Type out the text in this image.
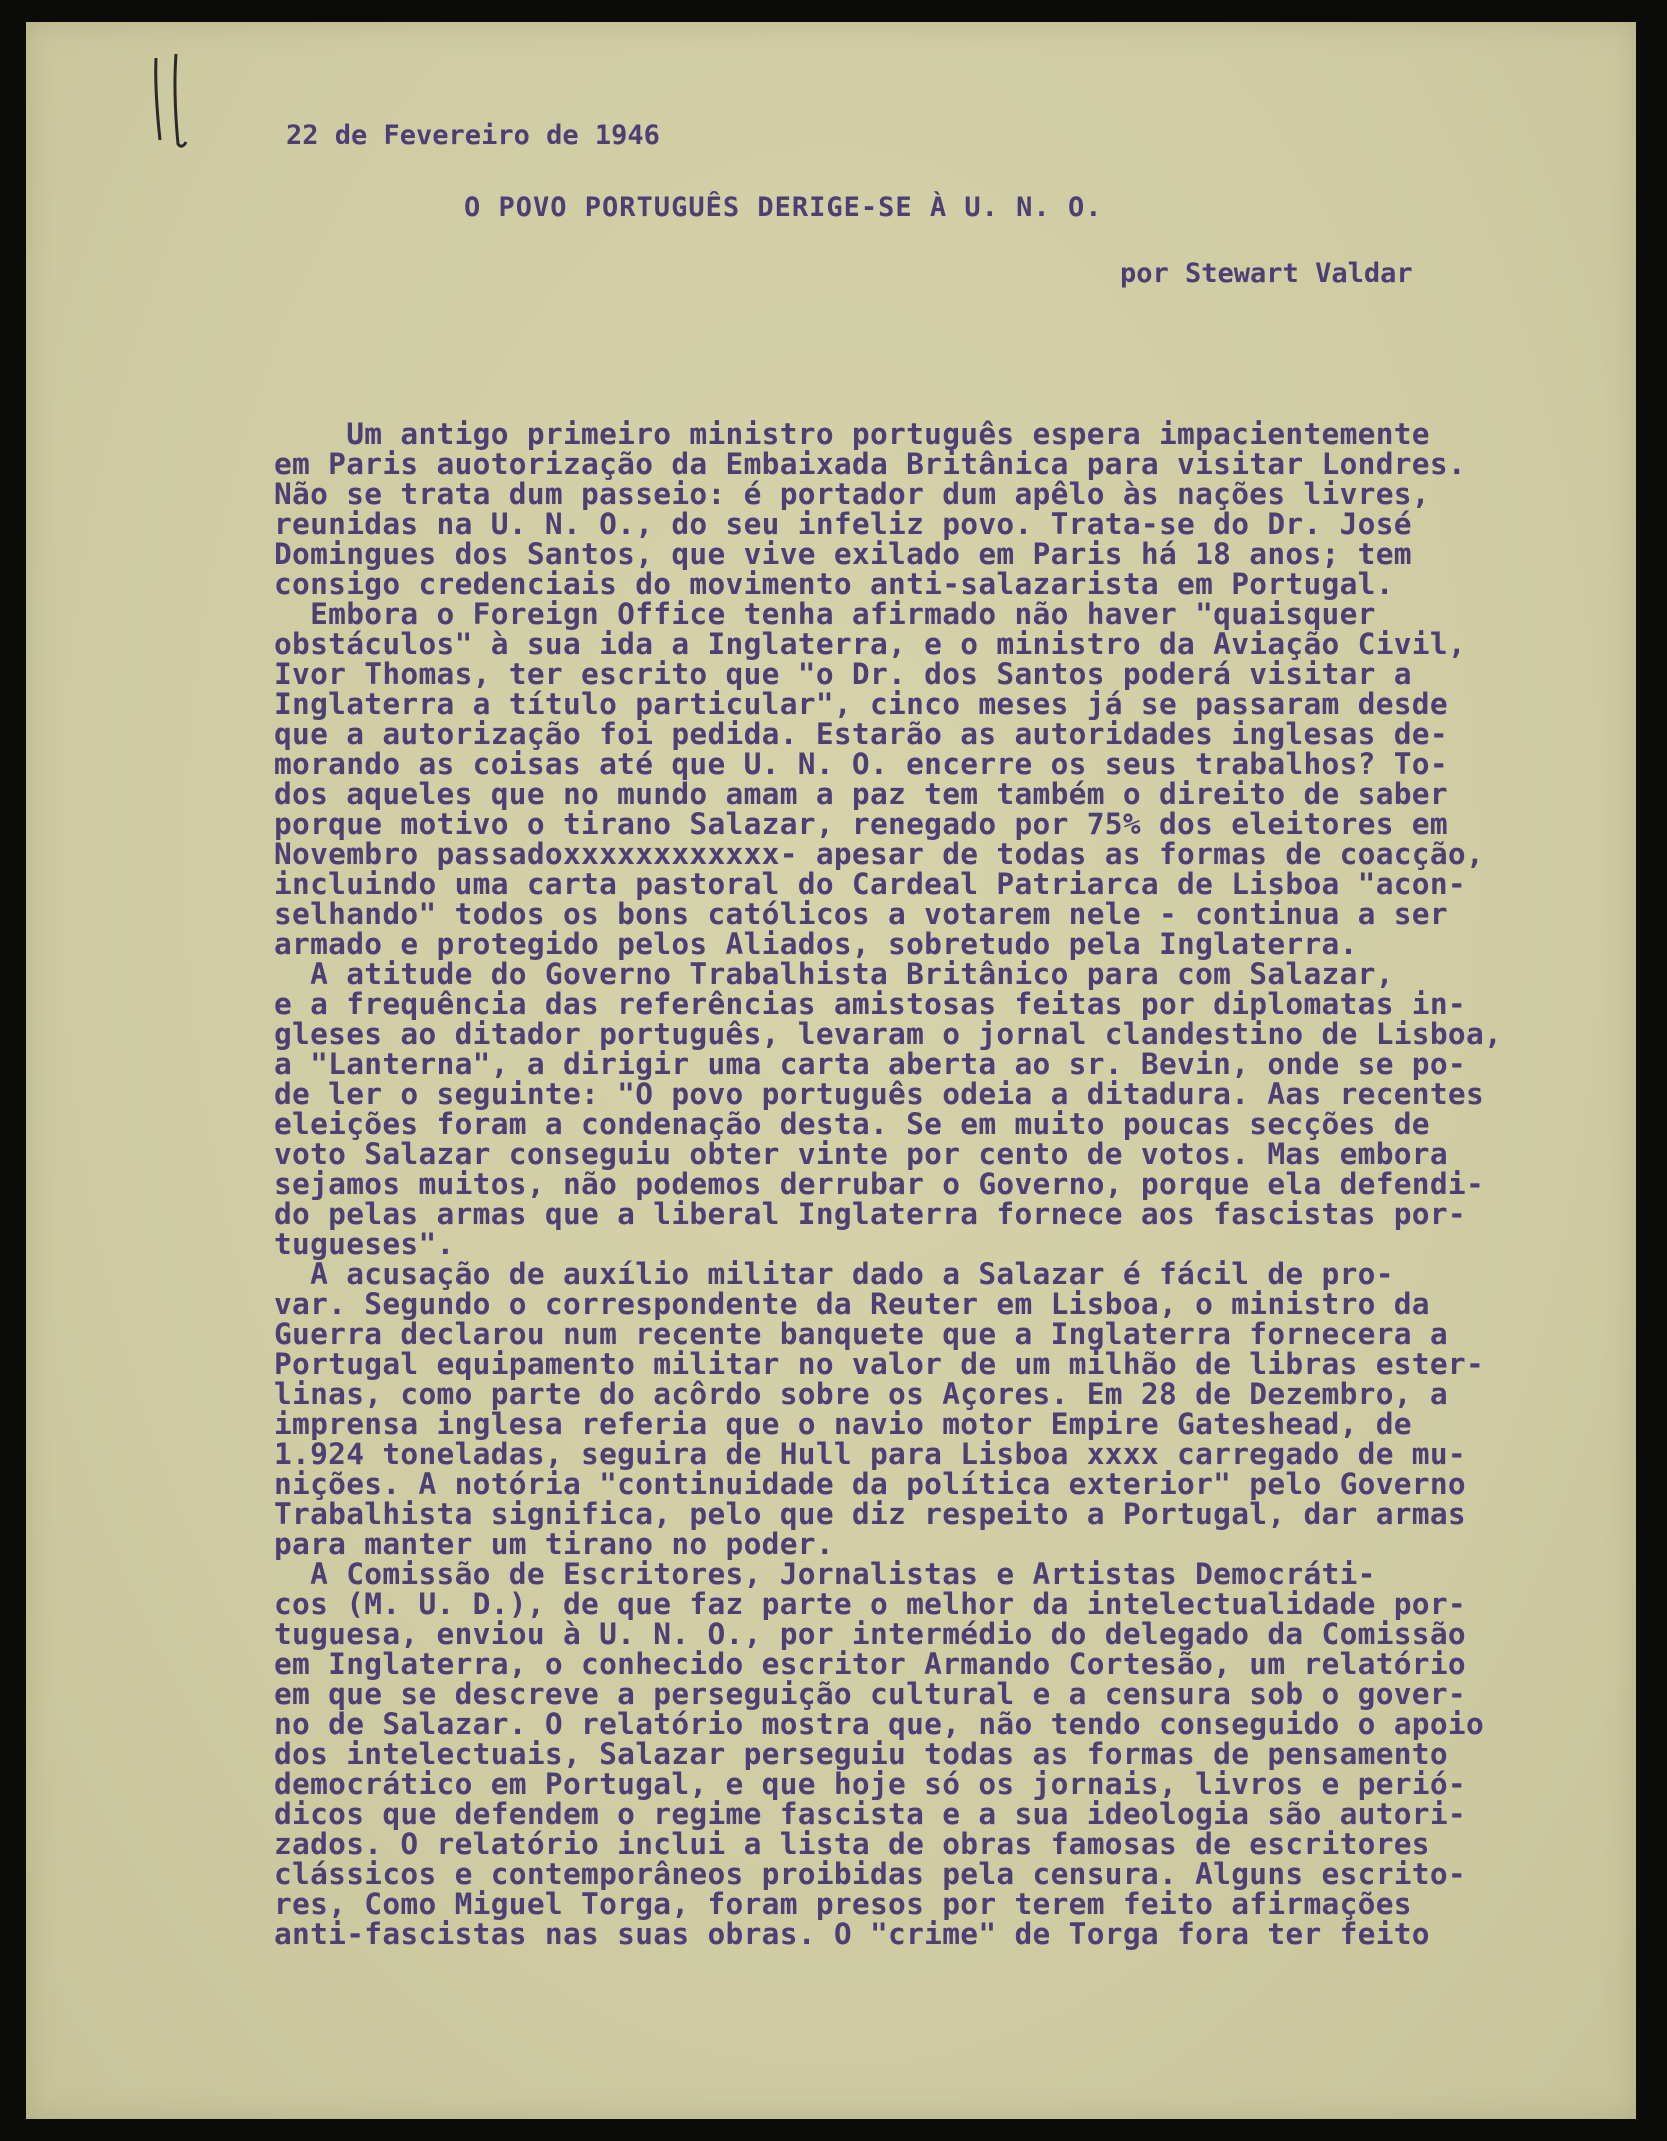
22 de Fevereiro de 1946
O POVO PORTUGUÊS DERIGE-SE À U. N. O.
por Stewart Valdar
Um antigo primeiro ministro português espera impacientemente
em Paris auotorização da Embaixada Britânica para visitar Londres.
Não se trata dum passeio: é portador dum apêlo às nações livres,
reunidas na U. N. O., do seu infeliz povo. Trata-se do Dr. José
Domingues dos Santos, que vive exilado em Paris há 18 anos; tem
consigo credenciais do movimento anti-salazarista em Portugal.
Embora o Foreign Office tenha afirmado não haver "quaisquer
obstáculos" à sua ida a Inglaterra, e o ministro da Aviação Civil,
Ivor Thomas, ter escrito que "o Dr. dos Santos poderá visitar a
Inglaterra a título particular", cinco meses já se passaram desde
que a autorização foi pedida. Estarão as autoridades inglesas de-
morando as coisas até que U. N. O. encerre os seus trabalhos? To-
dos aqueles que no mundo amam a paz tem também o direito de saber
porque motivo o tirano Salazar, renegado por 75% dos eleitores em
Novembro passadoxxxxxxxxxxxx- apesar de todas as formas de coacção,
incluindo uma carta pastoral do Cardeal Patriarca de Lisboa "acon-
selhando" todos os bons católicos a votarem nele - continua a ser
armado e protegido pelos Aliados, sobretudo pela Inglaterra.
A atitude do Governo Trabalhista Britânico para com Salazar,
e a frequência das referências amistosas feitas por diplomatas in-
gleses ao ditador português, levaram o jornal clandestino de Lisboa,
a "Lanterna", a dirigir uma carta aberta ao sr. Bevin, onde se po-
de ler o seguinte: "O povo português odeia a ditadura. Aas recentes
eleições foram a condenação desta. Se em muito poucas secções de
voto Salazar conseguiu obter vinte por cento de votos. Mas embora
sejamos muitos, não podemos derrubar o Governo, porque ela defendi-
do pelas armas que a liberal Inglaterra fornece aos fascistas por-
tugueses".
A acusação de auxílio militar dado a Salazar é fácil de pro-
var. Segundo o correspondente da Reuter em Lisboa, o ministro da
Guerra declarou num recente banquete que a Inglaterra fornecera a
Portugal equipamento militar no valor de um milhão de libras ester-
linas, como parte do acôrdo sobre os Açores. Em 28 de Dezembro, a
imprensa inglesa referia que o navio motor Empire Gateshead, de
1.924 toneladas, seguira de Hull para Lisboa xxxx carregado de mu-
nições. A notória "continuidade da política exterior" pelo Governo
Trabalhista significa, pelo que diz respeito a Portugal, dar armas
para manter um tirano no poder.
A Comissão de Escritores, Jornalistas e Artistas Democráti-
cos (M. U. D.), de que faz parte o melhor da intelectualidade por-
tuguesa, enviou à U. N. O., por intermédio do delegado da Comissão
em Inglaterra, o conhecido escritor Armando Cortesão, um relatório
em que se descreve a perseguição cultural e a censura sob o gover-
no de Salazar. O relatório mostra que, não tendo conseguido o apoio
dos intelectuais, Salazar perseguiu todas as formas de pensamento
democrático em Portugal, e que hoje só os jornais, livros e perió-
dicos que defendem o regime fascista e a sua ideologia são autori-
zados. O relatório inclui a lista de obras famosas de escritores
clássicos e contemporâneos proibidas pela censura. Alguns escrito-
res, Como Miguel Torga, foram presos por terem feito afirmações
anti-fascistas nas suas obras. O "crime" de Torga fora ter feito
